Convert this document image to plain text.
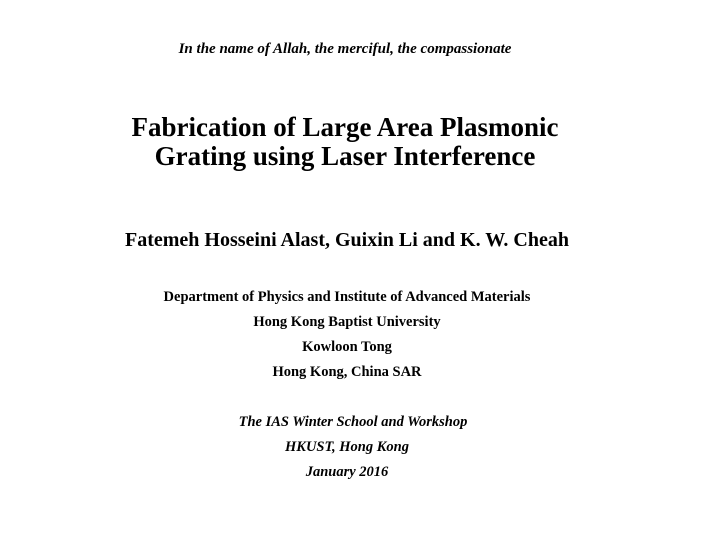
In the name of Allah, the merciful, the compassionate
Fabrication of Large Area Plasmonic
Grating using Laser Interference
Fatemeh Hosseini Alast, Guixin Li and K. W. Cheah
Department of Physics and Institute of Advanced Materials
Hong Kong Baptist University
Kowloon Tong
Hong Kong, China SAR
The IAS Winter School and Workshop
HKUST, Hong Kong
January 2016
